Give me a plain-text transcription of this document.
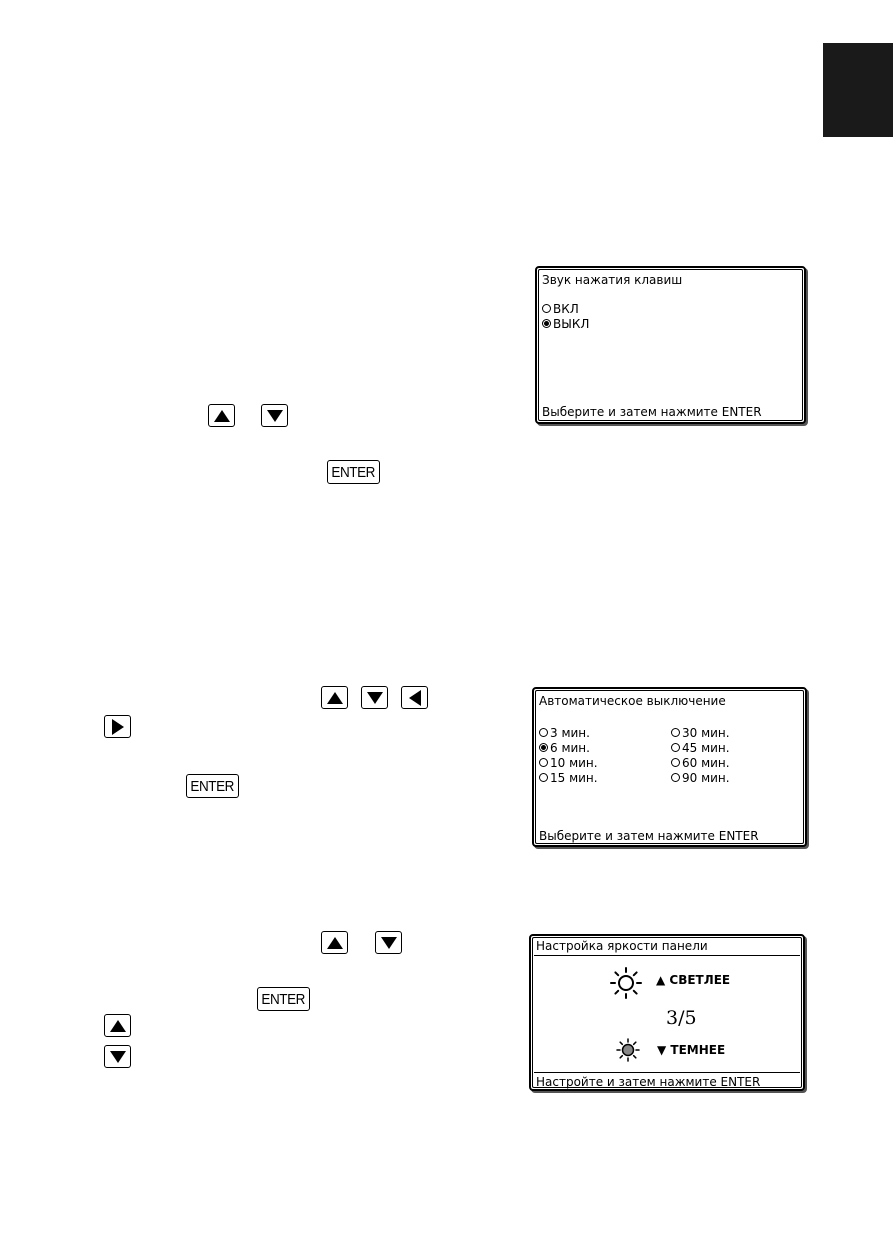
ENTER
Звук нажатия клавиш
ВКЛ
ВЫКЛ
Выберите и затем нажмите ENTER
ENTER
Автоматическое выключение
3 мин.
6 мин.
10 мин.
15 мин.
30 мин.
45 мин.
60 мин.
90 мин.
Выберите и затем нажмите ENTER
ENTER
Настройка яркости панели
▲ СВЕТЛЕЕ
3/5
▼ ТЕМНЕЕ
Настройте и затем нажмите ENTER
